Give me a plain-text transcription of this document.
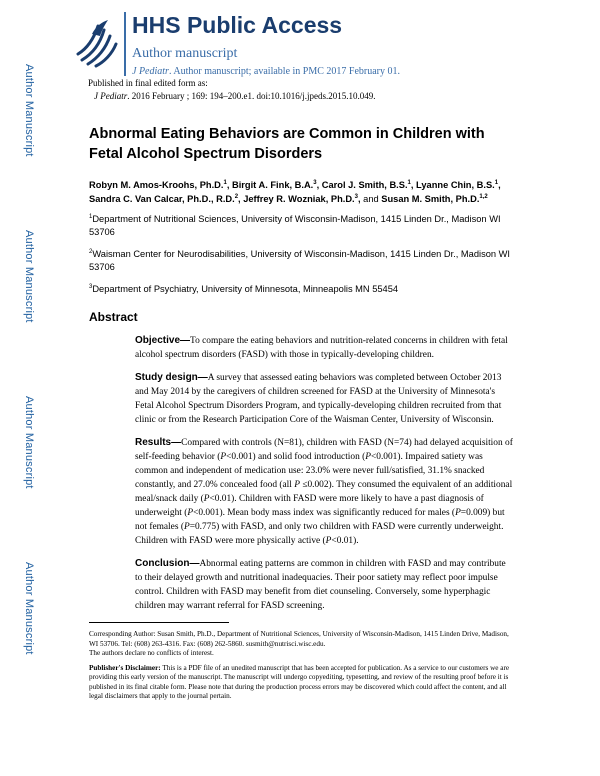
Author Manuscript
Author Manuscript
Author Manuscript
Author Manuscript
HHS Public Access
Author manuscript
J Pediatr. Author manuscript; available in PMC 2017 February 01.
Published in final edited form as:
J Pediatr. 2016 February ; 169: 194–200.e1. doi:10.1016/j.jpeds.2015.10.049.
Abnormal Eating Behaviors are Common in Children with Fetal Alcohol Spectrum Disorders

Robyn M. Amos-Kroohs, Ph.D.$^1$, Birgit A. Fink, B.A.$^3$, Carol J. Smith, B.S.$^1$, Lyanne Chin, B.S.$^1$, Sandra C. Van Calcar, Ph.D., R.D.$^2$, Jeffrey R. Wozniak, Ph.D.$^3$, and Susan M. Smith, Ph.D.$^{1,2}$

$^1$Department of Nutritional Sciences, University of Wisconsin-Madison, 1415 Linden Dr., Madison WI 53706

$^2$Waisman Center for Neurodisabilities, University of Wisconsin-Madison, 1415 Linden Dr., Madison WI 53706

$^3$Department of Psychiatry, University of Minnesota, Minneapolis MN 55454

Abstract

Objective—To compare the eating behaviors and nutrition-related concerns in children with fetal alcohol spectrum disorders (FASD) with those in typically-developing children.

Study design—A survey that assessed eating behaviors was completed between October 2013 and May 2014 by the caregivers of children screened for FASD at the University of Minnesota's Fetal Alcohol Spectrum Disorders Program, and typically-developing children recruited from that clinic or from the Research Participation Core of the Waisman Center, University of Wisconsin.

Results—Compared with controls (N=81), children with FASD (N=74) had delayed acquisition of self-feeding behavior (P<0.001) and solid food introduction (P<0.001). Impaired satiety was common and independent of medication use: 23.0% were never full/satisfied, 31.1% snacked constantly, and 27.0% concealed food (all P ≤0.002). They consumed the equivalent of an additional meal/snack daily (P<0.01). Children with FASD were more likely to have a past diagnosis of underweight (P<0.001). Mean body mass index was significantly reduced for males (P=0.009) but not females (P=0.775) with FASD, and only two children with FASD were currently underweight. Children with FASD were more physically active (P<0.01).

Conclusion—Abnormal eating patterns are common in children with FASD and may contribute to their delayed growth and nutritional inadequacies. Their poor satiety may reflect poor impulse control. Children with FASD may benefit from diet counseling. Conversely, some hyperphagic children may warrant referral for FASD screening.

Corresponding Author: Susan Smith, Ph.D., Department of Nutritional Sciences, University of Wisconsin-Madison, 1415 Linden Drive, Madison, WI 53706. Tel: (608) 263-4316. Fax: (608) 262-5860. susmith@nutrisci.wisc.edu.
The authors declare no conflicts of interest.

Publisher's Disclaimer: This is a PDF file of an unedited manuscript that has been accepted for publication. As a service to our customers we are providing this early version of the manuscript. The manuscript will undergo copyediting, typesetting, and review of the resulting proof before it is published in its final citable form. Please note that during the production process errors may be discovered which could affect the content, and all legal disclaimers that apply to the journal pertain.
